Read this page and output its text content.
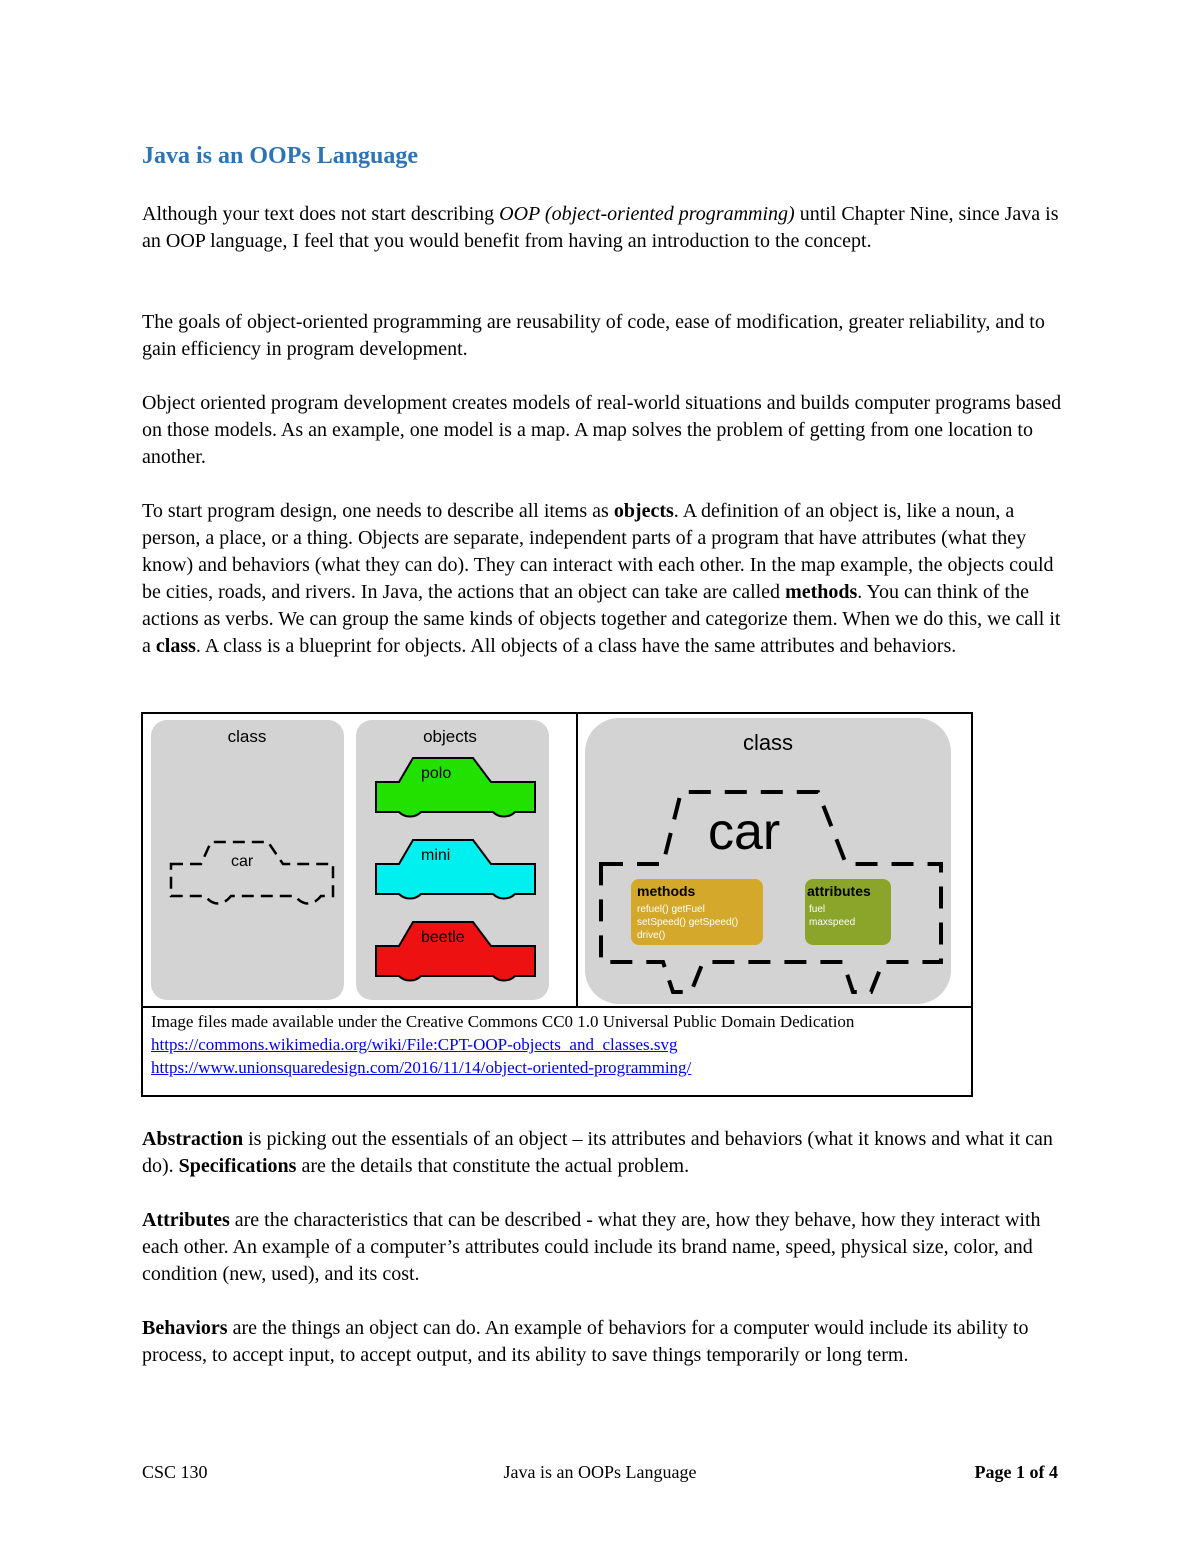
Java is an OOPs Language

Although your text does not start describing OOP (object-oriented programming) until Chapter Nine, since Java is an OOP language, I feel that you would benefit from having an introduction to the concept.

The goals of object-oriented programming are reusability of code, ease of modification, greater reliability, and to gain efficiency in program development.

Object oriented program development creates models of real-world situations and builds computer programs based on those models. As an example, one model is a map. A map solves the problem of getting from one location to another.

To start program design, one needs to describe all items as objects. A definition of an object is, like a noun, a person, a place, or a thing. Objects are separate, independent parts of a program that have attributes (what they know) and behaviors (what they can do). They can interact with each other. In the map example, the objects could be cities, roads, and rivers. In Java, the actions that an object can take are called methods. You can think of the actions as verbs. We can group the same kinds of objects together and categorize them. When we do this, we call it a class. A class is a blueprint for objects. All objects of a class have the same attributes and behaviors.

class
car
objects
polo
mini
beetle
class
car
methods
refuel() getFuel
setSpeed() getSpeed()
drive()
attributes
fuel
maxspeed
Image files made available under the Creative Commons CC0 1.0 Universal Public Domain Dedication
https://commons.wikimedia.org/wiki/File:CPT-OOP-objects_and_classes.svg
https://www.unionsquaredesign.com/2016/11/14/object-oriented-programming/

Abstraction is picking out the essentials of an object – its attributes and behaviors (what it knows and what it can do). Specifications are the details that constitute the actual problem.

Attributes are the characteristics that can be described - what they are, how they behave, how they interact with each other. An example of a computer’s attributes could include its brand name, speed, physical size, color, and condition (new, used), and its cost.

Behaviors are the things an object can do. An example of behaviors for a computer would include its ability to process, to accept input, to accept output, and its ability to save things temporarily or long term.

CSC 130	Java is an OOPs Language	Page 1 of 4
